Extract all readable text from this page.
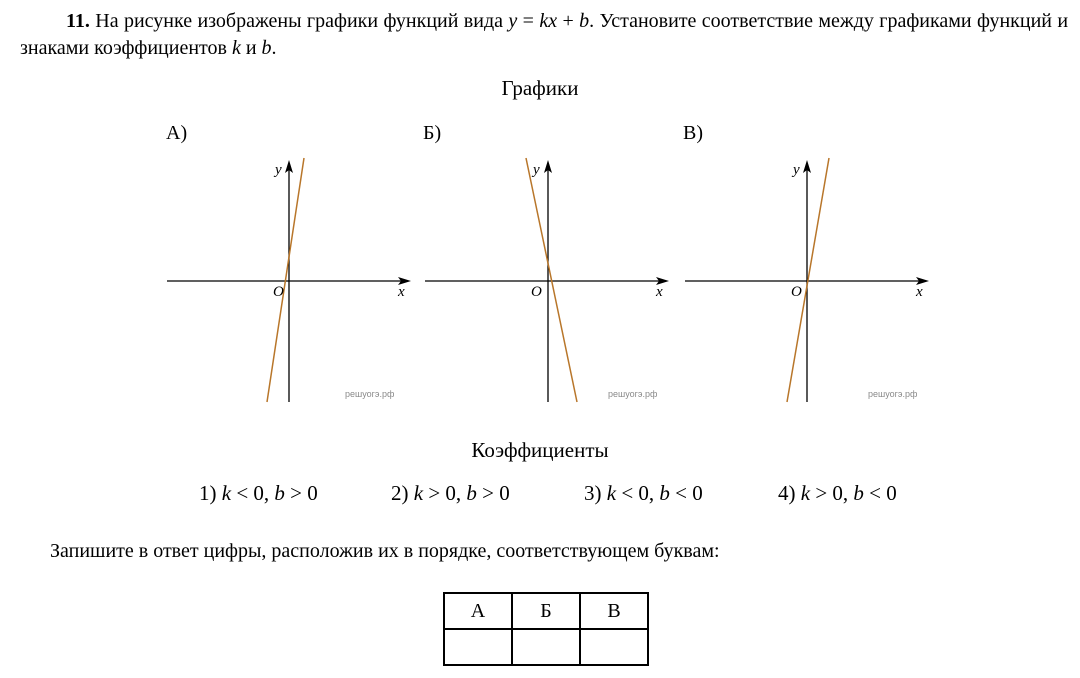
11. На рисунке изображены графики функций вида y = kx + b. Установите соответствие между графиками функций и знаками коэффициентов k и b.
Графики
А)	Б)	В)
y
O	x
решуогэ.рф
y
O	x
решуогэ.рф
y
O	x
решуогэ.рф
Коэффициенты
1) k < 0, b > 0	2) k > 0, b > 0	3) k < 0, b < 0	4) k > 0, b < 0
Запишите в ответ цифры, расположив их в порядке, соответствующем буквам:
А	Б	В
